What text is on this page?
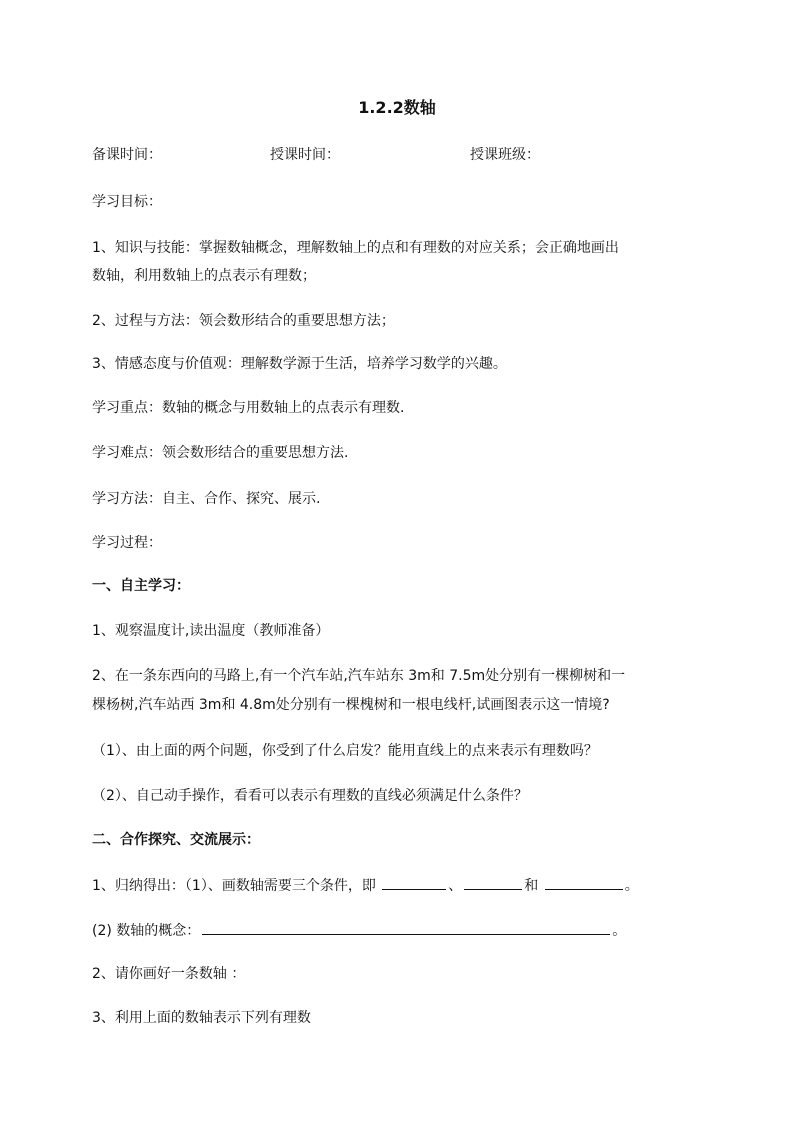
1.2.2数轴
备课时间：	授课时间：	授课班级：
学习目标：
1、知识与技能：掌握数轴概念，理解数轴上的点和有理数的对应关系；会正确地画出
数轴，利用数轴上的点表示有理数；
2、过程与方法：领会数形结合的重要思想方法；
3、情感态度与价值观：理解数学源于生活，培养学习数学的兴趣。
学习重点：数轴的概念与用数轴上的点表示有理数.
学习难点：领会数形结合的重要思想方法.
学习方法：自主、合作、探究、展示.
学习过程：
一、自主学习：
1、观察温度计,读出温度（教师准备）
2、在一条东西向的马路上,有一个汽车站,汽车站东 3m和 7.5m处分别有一棵柳树和一
棵杨树,汽车站西 3m和 4.8m处分别有一棵槐树和一根电线杆,试画图表示这一情境?
（1）、由上面的两个问题，你受到了什么启发？能用直线上的点来表示有理数吗？
（2）、自己动手操作，看看可以表示有理数的直线必须满足什么条件？
二、合作探究、交流展示：
1、归纳得出：（1）、画数轴需要三个条件，即	、	和	。
(2) 数轴的概念：	。
2、请你画好一条数轴 ：
3、利用上面的数轴表示下列有理数
